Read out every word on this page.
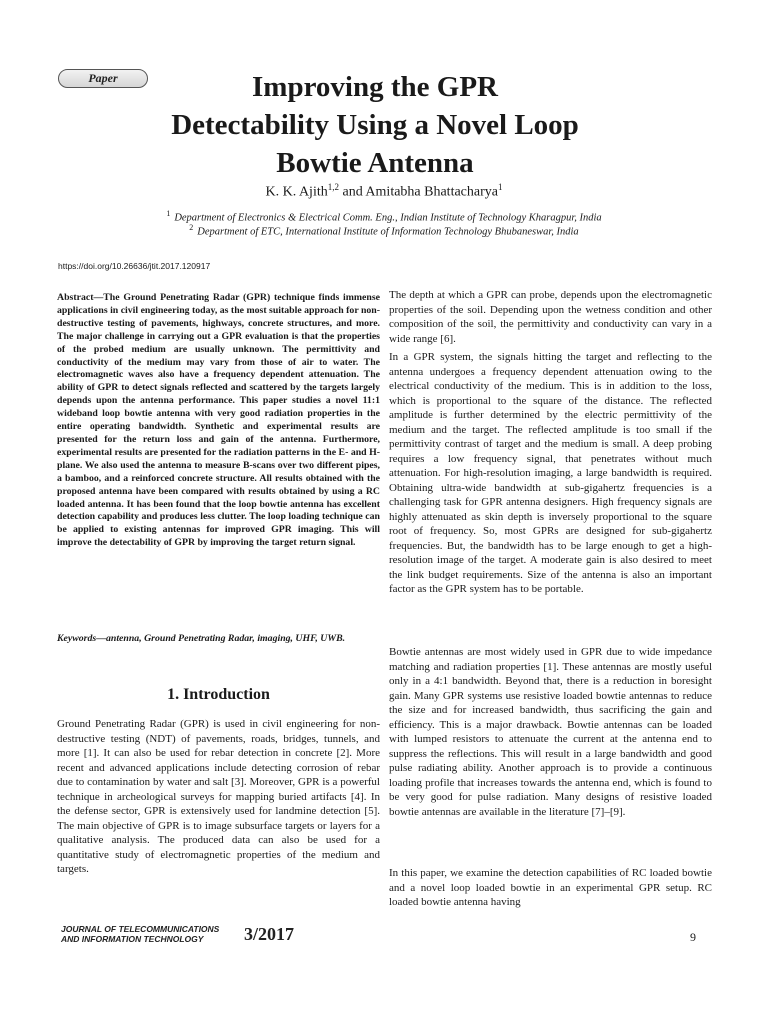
Paper	Improving the GPR
Detectability Using a Novel Loop
Bowtie Antenna
K. K. Ajith$^{1,2}$ and Amitabha Bhattacharya$^1$
$^1$ Department of Electronics & Electrical Comm. Eng., Indian Institute of Technology Kharagpur, India
$^2$ Department of ETC, International Institute of Information Technology Bhubaneswar, India
https://doi.org/10.26636/jtit.2017.120917

Abstract—The Ground Penetrating Radar (GPR) technique finds immense applications in civil engineering today, as the most suitable approach for non-destructive testing of pavements, highways, concrete structures, and more. The major challenge in carrying out a GPR evaluation is that the properties of the probed medium are usually unknown. The permittivity and conductivity of the medium may vary from those of air to water. The electromagnetic waves also have a frequency dependent attenuation. The ability of GPR to detect signals reflected and scattered by the targets largely depends upon the antenna performance. This paper studies a novel 11:1 wideband loop bowtie antenna with very good radiation properties in the entire operating bandwidth. Synthetic and experimental results are presented for the return loss and gain of the antenna. Furthermore, experimental results are presented for the radiation patterns in the E- and H-plane. We also used the antenna to measure B-scans over two different pipes, a bamboo, and a reinforced concrete structure. All results obtained with the proposed antenna have been compared with results obtained by using a RC loaded antenna. It has been found that the loop bowtie antenna has excellent detection capability and produces less clutter. The loop loading technique can be applied to existing antennas for improved GPR imaging. This will improve the detectability of GPR by improving the target return signal.

Keywords—antenna, Ground Penetrating Radar, imaging, UHF, UWB.

1. Introduction

Ground Penetrating Radar (GPR) is used in civil engineering for non-destructive testing (NDT) of pavements, roads, bridges, tunnels, and more [1]. It can also be used for rebar detection in concrete [2]. More recent and advanced applications include detecting corrosion of rebar due to contamination by water and salt [3]. Moreover, GPR is a powerful technique in archeological surveys for mapping buried artifacts [4]. In the defense sector, GPR is extensively used for landmine detection [5]. The main objective of GPR is to image subsurface targets or layers for a qualitative analysis. The produced data can also be used for a quantitative study of electromagnetic properties of the medium and targets.

The depth at which a GPR can probe, depends upon the electromagnetic properties of the soil. Depending upon the wetness condition and other composition of the soil, the permittivity and conductivity can vary in a wide range [6].

In a GPR system, the signals hitting the target and reflecting to the antenna undergoes a frequency dependent attenuation owing to the electrical conductivity of the medium. This is in addition to the loss, which is proportional to the square of the distance. The reflected amplitude is further determined by the electric permittivity of the medium and the target. The reflected amplitude is too small if the permittivity contrast of target and the medium is small. A deep probing requires a low frequency signal, that penetrates without much attenuation. For high-resolution imaging, a large bandwidth is required. Obtaining ultra-wide bandwidth at sub-gigahertz frequencies is a challenging task for GPR antenna designers. High frequency signals are highly attenuated as skin depth is inversely proportional to the square root of frequency. So, most GPRs are designed for sub-gigahertz frequencies. But, the bandwidth has to be large enough to get a high-resolution image of the target. A moderate gain is also desired to meet the link budget requirements. Size of the antenna is also an important factor as the GPR system has to be portable.

Bowtie antennas are most widely used in GPR due to wide impedance matching and radiation properties [1]. These antennas are mostly useful only in a 4:1 bandwidth. Beyond that, there is a reduction in boresight gain. Many GPR systems use resistive loaded bowtie antennas to reduce the size and for increased bandwidth, thus sacrificing the gain and efficiency. This is a major drawback. Bowtie antennas can be loaded with lumped resistors to attenuate the current at the antenna end to suppress the reflections. This will result in a large bandwidth and good pulse radiating ability. Another approach is to provide a continuous loading profile that increases towards the antenna end, which is found to be very good for pulse radiation. Many designs of resistive loaded bowtie antennas are available in the literature [7]–[9].

In this paper, we examine the detection capabilities of RC loaded bowtie and a novel loop loaded bowtie in an experimental GPR setup. RC loaded bowtie antenna having

JOURNAL OF TELECOMMUNICATIONS
AND INFORMATION TECHNOLOGY	3/2017	9
